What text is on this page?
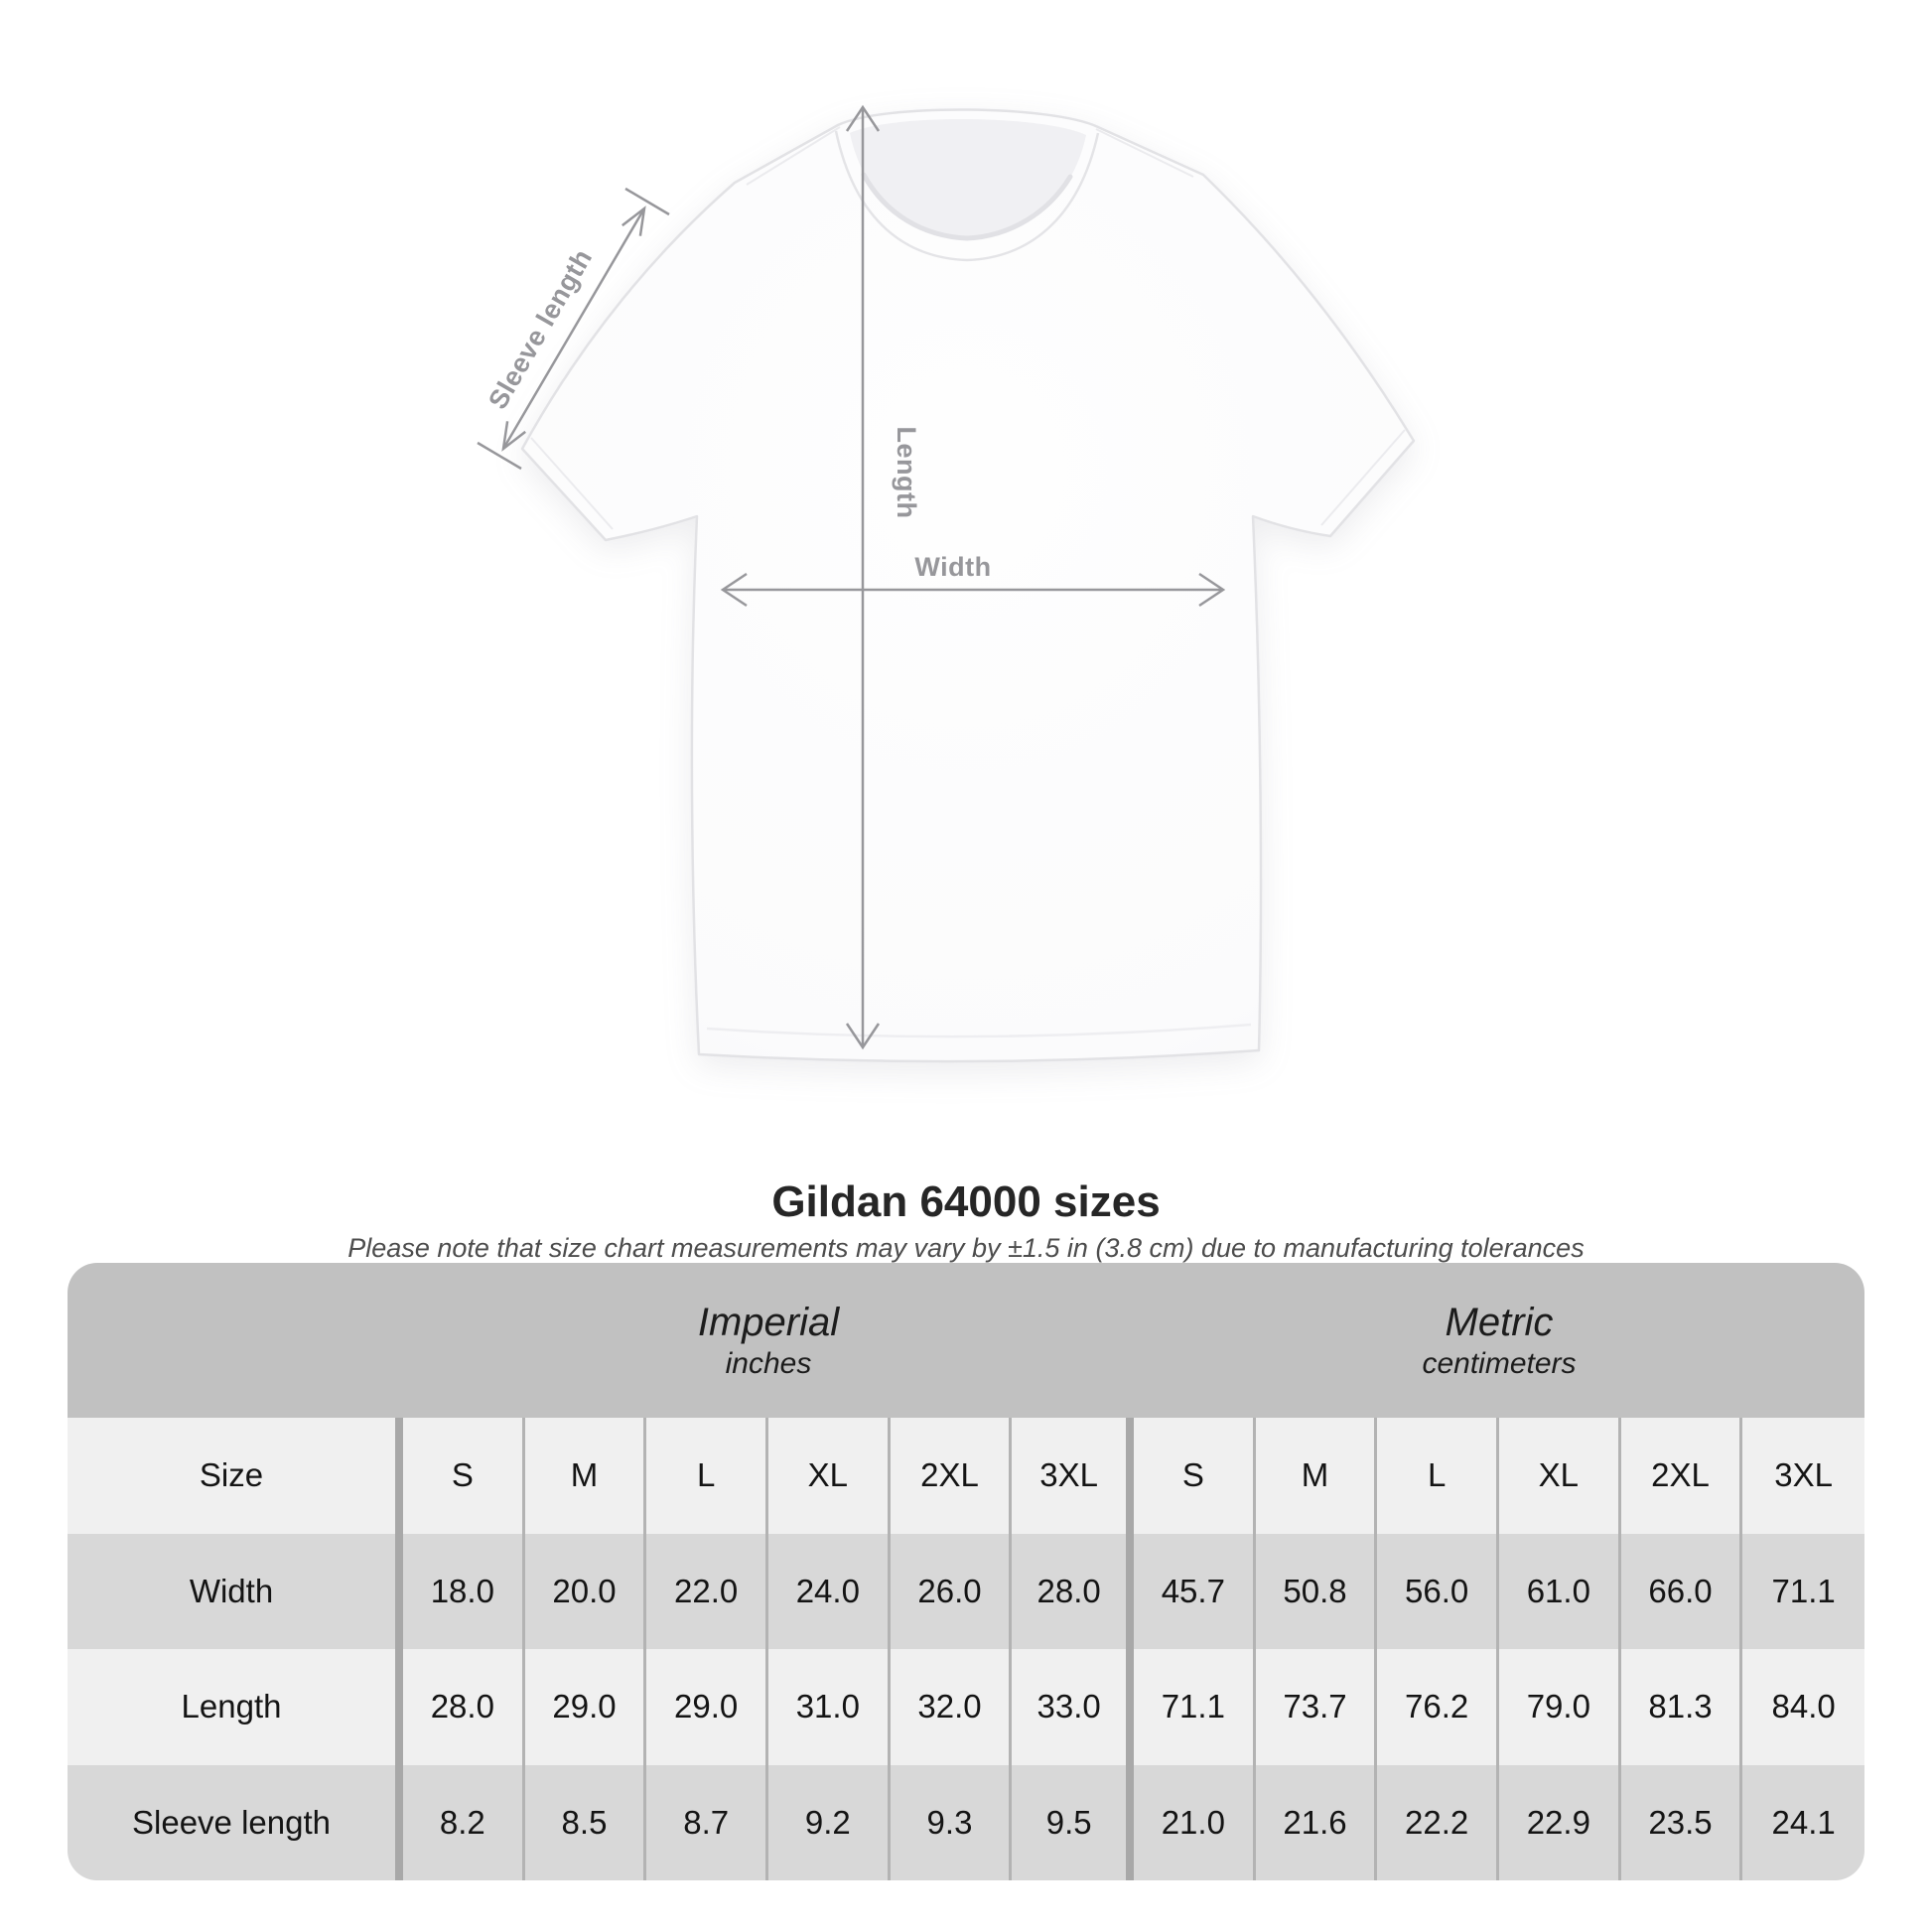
Sleeve length
Length
Width
Gildan 64000 sizes
Please note that size chart measurements may vary by ±1.5 in (3.8 cm) due to manufacturing tolerances
Imperial
inches
Metric
centimeters
Size	S	M	L	XL	2XL	3XL	S	M	L	XL	2XL	3XL
Width	18.0	20.0	22.0	24.0	26.0	28.0	45.7	50.8	56.0	61.0	66.0	71.1
Length	28.0	29.0	29.0	31.0	32.0	33.0	71.1	73.7	76.2	79.0	81.3	84.0
Sleeve length	8.2	8.5	8.7	9.2	9.3	9.5	21.0	21.6	22.2	22.9	23.5	24.1
